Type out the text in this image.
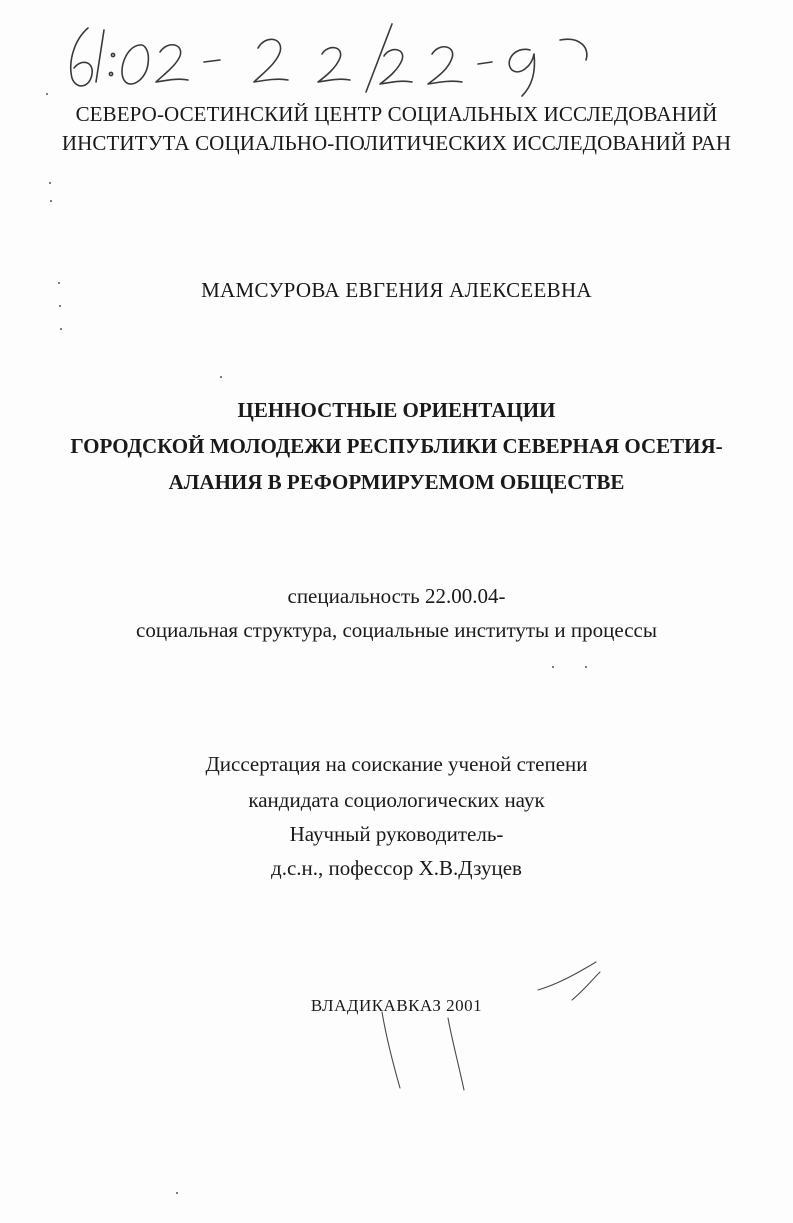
СЕВЕРО-ОСЕТИНСКИЙ ЦЕНТР СОЦИАЛЬНЫХ ИССЛЕДОВАНИЙ
ИНСТИТУТА СОЦИАЛЬНО-ПОЛИТИЧЕСКИХ ИССЛЕДОВАНИЙ РАН
МАМСУРОВА ЕВГЕНИЯ АЛЕКСЕЕВНА
ЦЕННОСТНЫЕ ОРИЕНТАЦИИ
ГОРОДСКОЙ МОЛОДЕЖИ РЕСПУБЛИКИ СЕВЕРНАЯ ОСЕТИЯ-
АЛАНИЯ В РЕФОРМИРУЕМОМ ОБЩЕСТВЕ
специальность 22.00.04-
социальная структура, социальные институты и процессы
Диссертация на соискание ученой степени
кандидата социологических наук
Научный руководитель-
д.с.н., пофессор Х.В.Дзуцев
ВЛАДИКАВКАЗ 2001
